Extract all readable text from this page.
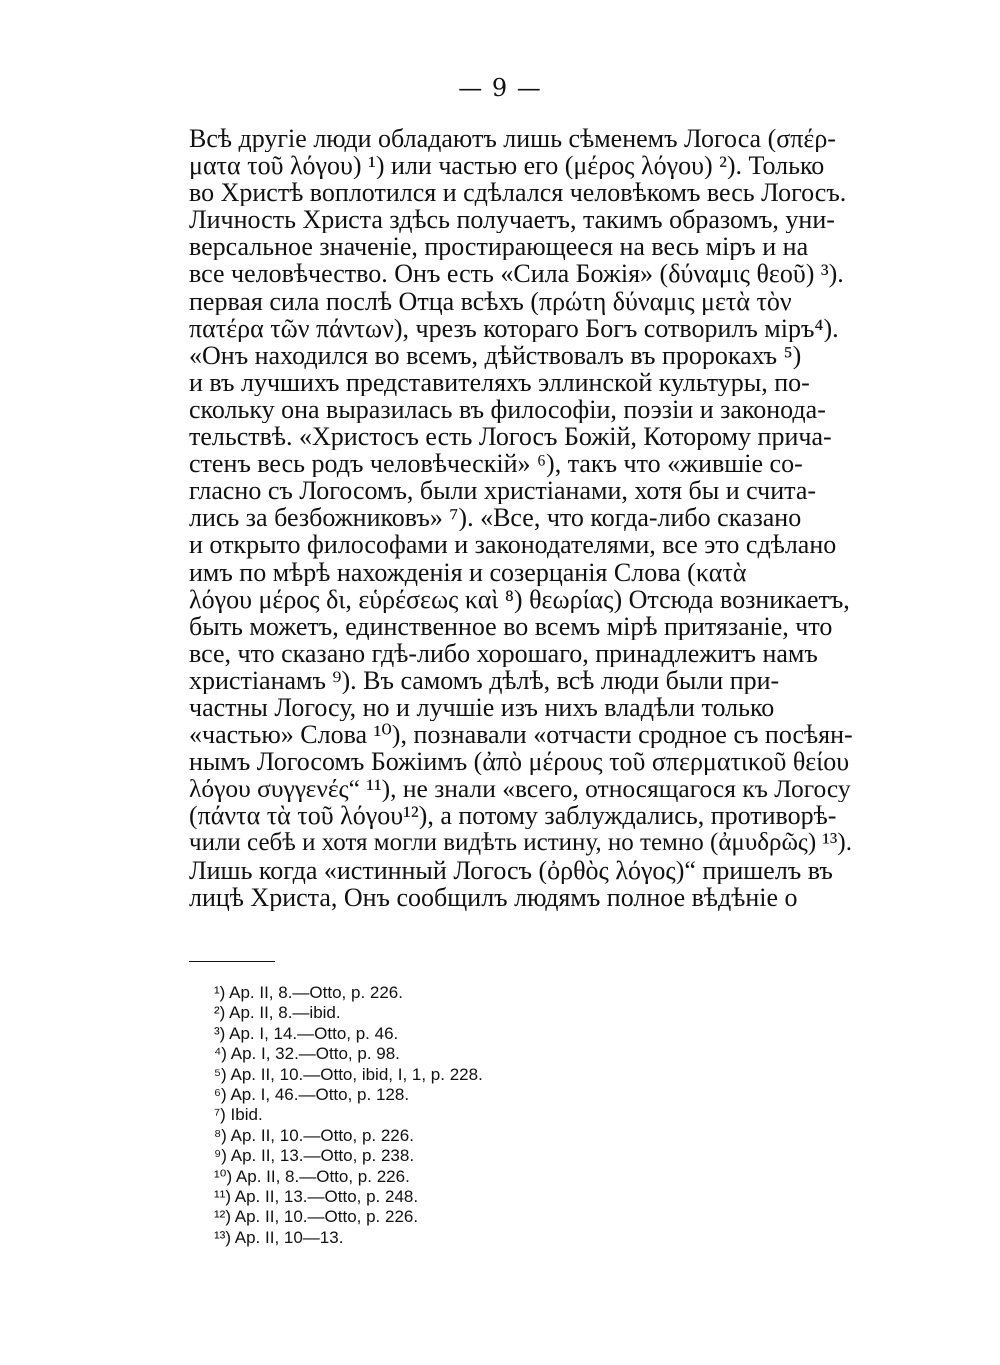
— 9 —
Всѣ другіе люди обладаютъ лишь сѣменемъ Логоса (σπέρ-
ματα τοῦ λόγου) ¹) или частью его (μέρος λόγου) ²). Только
во Христѣ воплотился и сдѣлался человѣкомъ весь Логосъ.
Личность Христа здѣсь получаетъ, такимъ образомъ, уни-
версальное значеніе, простирающееся на весь міръ и на
все человѣчество. Онъ есть «Сила Божія» (δύναμις θεοῦ) ³).
первая сила послѣ Отца всѣхъ (πρώτη δύναμις μετὰ τὸν
πατέρα τῶν πάντων), чрезъ котораго Богъ сотворилъ міръ⁴).
«Онъ находился во всемъ, дѣйствовалъ въ пророкахъ ⁵)
и въ лучшихъ представителяхъ эллинской культуры, по-
скольку она выразилась въ философіи, поэзіи и законода-
тельствѣ. «Христосъ есть Логосъ Божій, Которому прича-
стенъ весь родъ человѣческій» ⁶), такъ что «жившіе со-
гласно съ Логосомъ, были христіанами, хотя бы и счита-
лись за безбожниковъ» ⁷). «Все, что когда-либо сказано
и открыто философами и законодателями, все это сдѣлано
имъ по мѣрѣ нахожденія и созерцанія Слова (κατὰ
λόγου μέρος δι, εὑρέσεως καὶ ⁸) θεωρίας) Отсюда возникаетъ,
быть можетъ, единственное во всемъ мірѣ притязаніе, что
все, что сказано гдѣ-либо хорошаго, принадлежитъ намъ
христіанамъ ⁹). Въ самомъ дѣлѣ, всѣ люди были при-
частны Логосу, но и лучшіе изъ нихъ владѣли только
«частью» Слова ¹⁰), познавали «отчасти сродное съ посѣян-
нымъ Логосомъ Божіимъ (ἀπὸ μέρους τοῦ σπερματικοῦ θείου
λόγου συγγενές“ ¹¹), не знали «всего, относящагося къ Логосу
(πάντα τὰ τοῦ λόγου¹²), а потому заблуждались, противорѣ-
чили себѣ и хотя могли видѣть истину, но темно (ἀμυδρῶς) ¹³).
Лишь когда «истинный Логосъ (ὀρθὸς λόγος)“ пришелъ въ
лицѣ Христа, Онъ сообщилъ людямъ полное вѣдѣніе о
¹) Ap. II, 8.—Otto, p. 226.
²) Ap. II, 8.—ibid.
³) Ap. I, 14.—Otto, p. 46.
⁴) Ap. I, 32.—Otto, p. 98.
⁵) Ap. II, 10.—Otto, ibid, I, 1, p. 228.
⁶) Ap. I, 46.—Otto, p. 128.
⁷) Ibid.
⁸) Ap. II, 10.—Otto, p. 226.
⁹) Ap. II, 13.—Otto, p. 238.
¹⁰) Ap. II, 8.—Otto, p. 226.
¹¹) Ap. II, 13.—Otto, p. 248.
¹²) Ap. II, 10.—Otto, p. 226.
¹³) Ap. II, 10—13.
